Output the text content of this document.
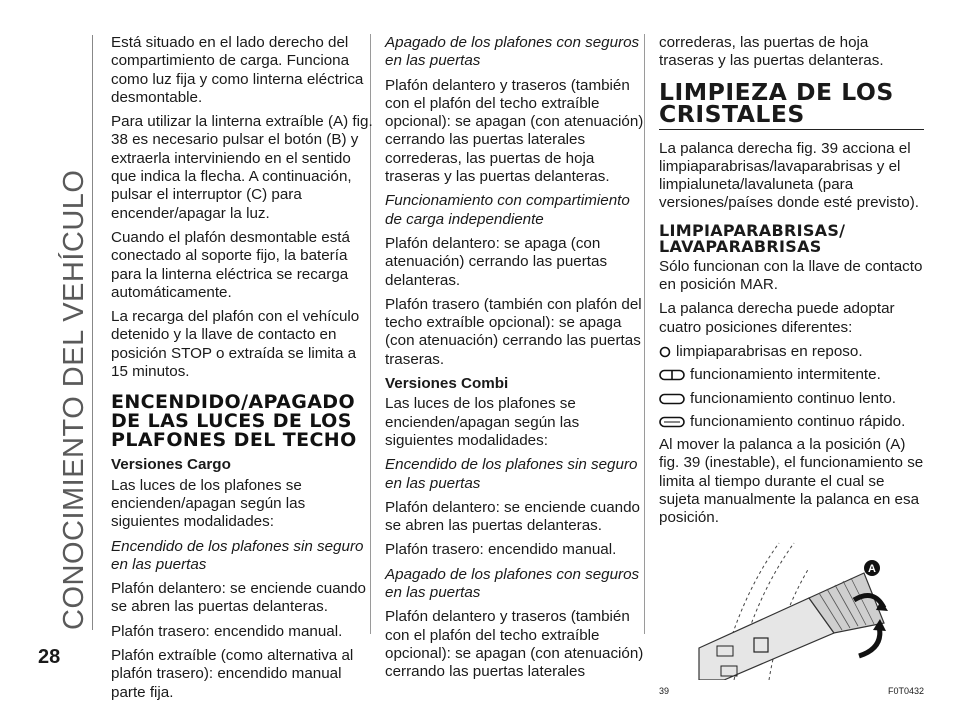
CONOCIMIENTO DEL VEHÍCULO
28

Está situado en el lado derecho del compartimiento de carga. Funciona como luz fija y como linterna eléctrica desmontable.

Para utilizar la linterna extraíble (A) fig. 38 es necesario pulsar el botón (B) y extraerla interviniendo en el sentido que indica la flecha. A continuación, pulsar el interruptor (C) para encender/apagar la luz.

Cuando el plafón desmontable está conectado al soporte fijo, la batería para la linterna eléctrica se recarga automáticamente.

La recarga del plafón con el vehículo detenido y la llave de contacto en posición STOP o extraída se limita a 15 minutos.

ENCENDIDO/APAGADO DE LAS LUCES DE LOS PLAFONES DEL TECHO
Versiones Cargo

Las luces de los plafones se encienden/apagan según las siguientes modalidades:

Encendido de los plafones sin seguro en las puertas

Plafón delantero: se enciende cuando se abren las puertas delanteras.

Plafón trasero: encendido manual.

Plafón extraíble (como alternativa al plafón trasero): encendido manual parte fija.

Apagado de los plafones con seguros en las puertas

Plafón delantero y traseros (también con el plafón del techo extraíble opcional): se apagan (con atenuación) cerrando las puertas laterales correderas, las puertas de hoja traseras y las puertas delanteras.

Funcionamiento con compartimiento de carga independiente

Plafón delantero: se apaga (con atenuación) cerrando las puertas delanteras.

Plafón trasero (también con plafón del techo extraíble opcional): se apaga (con atenuación) cerrando las puertas traseras.

Versiones Combi

Las luces de los plafones se encienden/apagan según las siguientes modalidades:

Encendido de los plafones sin seguro en las puertas

Plafón delantero: se enciende cuando se abren las puertas delanteras.

Plafón trasero: encendido manual.

Apagado de los plafones con seguros en las puertas

Plafón delantero y traseros (también con el plafón del techo extraíble opcional): se apagan (con atenuación) cerrando las puertas laterales

correderas, las puertas de hoja traseras y las puertas delanteras.

LIMPIEZA DE LOS CRISTALES

La palanca derecha fig. 39 acciona el limpiaparabrisas/lavaparabrisas y el limpialuneta/lavaluneta (para versiones/países donde esté previsto).

LIMPIAPARABRISAS/ LAVAPARABRISAS

Sólo funcionan con la llave de contacto en posición MAR.

La palanca derecha puede adoptar cuatro posiciones diferentes:

limpiaparabrisas en reposo.
funcionamiento intermitente.
funcionamiento continuo lento.
funcionamiento continuo rápido.

Al mover la palanca a la posición (A) fig. 39 (inestable), el funcionamiento se limita al tiempo durante el cual se sujeta manualmente la palanca en esa posición.

A
39	F0T0432
